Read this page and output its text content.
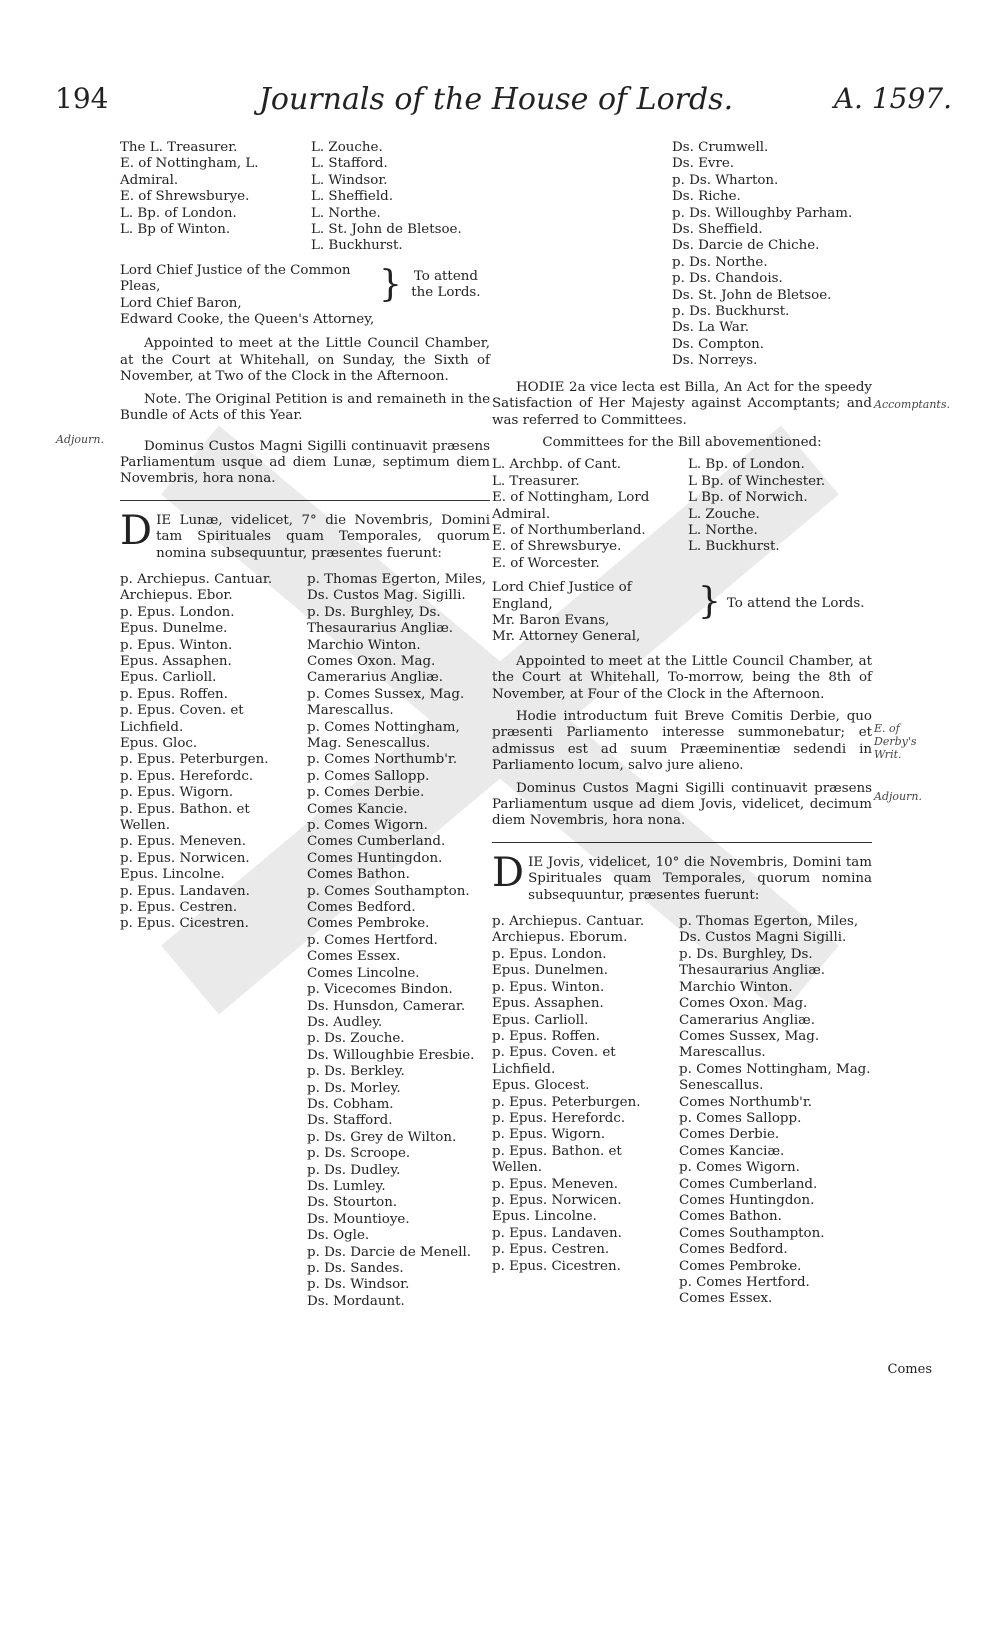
194	Journals of the House of Lords.	A. 1597.
Adjourn.
Accomptants.
E. of Derby's Writ.
Adjourn.
The L. Treasurer.
E. of Nottingham, L. Admiral.
E. of Shrewsburye.
L. Bp. of London.
L. Bp of Winton.
L. Zouche.
L. Stafford.
L. Windsor.
L. Sheffield.
L. Northe.
L. St. John de Bletsoe.
L. Buckhurst.
Lord Chief Justice of the Common Pleas,
Lord Chief Baron,
Edward Cooke, the Queen's Attorney,
	}	To attend the Lords.
Appointed to meet at the Little Council Chamber, at the Court at Whitehall, on Sunday, the Sixth of November, at Two of the Clock in the Afternoon.
Note. The Original Petition is and remaineth in the Bundle of Acts of this Year.
Dominus Custos Magni Sigilli continuavit præsens Parliamentum usque ad diem Lunæ, septimum diem Novembris, hora nona.
D IE Lunæ, videlicet, 7° die Novembris, Domini tam Spirituales quam Temporales, quorum nomina subsequuntur, præsentes fuerunt:
p. Archiepus. Cantuar.
Archiepus. Ebor.
p. Epus. London.
Epus. Dunelme.
p. Epus. Winton.
Epus. Assaphen.
Epus. Carlioll.
p. Epus. Roffen.
p. Epus. Coven. et Lichfield.
Epus. Gloc.
p. Epus. Peterburgen.
p. Epus. Herefordc.
p. Epus. Wigorn.
p. Epus. Bathon. et Wellen.
p. Epus. Meneven.
p. Epus. Norwicen.
Epus. Lincolne.
p. Epus. Landaven.
p. Epus. Cestren.
p. Epus. Cicestren.
p. Thomas Egerton, Miles, Ds. Custos Mag. Sigilli.
p. Ds. Burghley, Ds. Thesaurarius Angliæ.
Marchio Winton.
Comes Oxon. Mag. Camerarius Angliæ.
p. Comes Sussex, Mag. Marescallus.
p. Comes Nottingham, Mag. Senescallus.
p. Comes Northumb'r.
p. Comes Sallopp.
p. Comes Derbie.
Comes Kancie.
p. Comes Wigorn.
Comes Cumberland.
Comes Huntingdon.
Comes Bathon.
p. Comes Southampton.
Comes Bedford.
Comes Pembroke.
p. Comes Hertford.
Comes Essex.
Comes Lincolne.
p. Vicecomes Bindon.
Ds. Hunsdon, Camerar.
Ds. Audley.
p. Ds. Zouche.
Ds. Willoughbie Eresbie.
p. Ds. Berkley.
p. Ds. Morley.
Ds. Cobham.
Ds. Stafford.
p. Ds. Grey de Wilton.
p. Ds. Scroope.
p. Ds. Dudley.
Ds. Lumley.
Ds. Stourton.
Ds. Mountioye.
Ds. Ogle.
p. Ds. Darcie de Menell.
p. Ds. Sandes.
p. Ds. Windsor.
Ds. Mordaunt.
Ds. Crumwell.
Ds. Evre.
p. Ds. Wharton.
Ds. Riche.
p. Ds. Willoughby Parham.
Ds. Sheffield.
Ds. Darcie de Chiche.
p. Ds. Northe.
p. Ds. Chandois.
Ds. St. John de Bletsoe.
p. Ds. Buckhurst.
Ds. La War.
Ds. Compton.
Ds. Norreys.
HODIE 2a vice lecta est Billa, An Act for the speedy Satisfaction of Her Majesty against Accomptants; and was referred to Committees.
Committees for the Bill abovementioned:
L. Archbp. of Cant.
L. Treasurer.
E. of Nottingham, Lord Admiral.
E. of Northumberland.
E. of Shrewsburye.
E. of Worcester.
L. Bp. of London.
L Bp. of Winchester.
L Bp. of Norwich.
L. Zouche.
L. Northe.
L. Buckhurst.
Lord Chief Justice of England,
Mr. Baron Evans,
Mr. Attorney General,
	}	To attend the Lords.
Appointed to meet at the Little Council Chamber, at the Court at Whitehall, To-morrow, being the 8th of November, at Four of the Clock in the Afternoon.
Hodie introductum fuit Breve Comitis Derbie, quo præsenti Parliamento interesse summonebatur; et admissus est ad suum Præeminentiæ sedendi in Parliamento locum, salvo jure alieno.
Dominus Custos Magni Sigilli continuavit præsens Parliamentum usque ad diem Jovis, videlicet, decimum diem Novembris, hora nona.
D IE Jovis, videlicet, 10° die Novembris, Domini tam Spirituales quam Temporales, quorum nomina subsequuntur, præsentes fuerunt:
p. Archiepus. Cantuar.
Archiepus. Eborum.
p. Epus. London.
Epus. Dunelmen.
p. Epus. Winton.
Epus. Assaphen.
Epus. Carlioll.
p. Epus. Roffen.
p. Epus. Coven. et Lichfield.
Epus. Glocest.
p. Epus. Peterburgen.
p. Epus. Herefordc.
p. Epus. Wigorn.
p. Epus. Bathon. et Wellen.
p. Epus. Meneven.
p. Epus. Norwicen.
Epus. Lincolne.
p. Epus. Landaven.
p. Epus. Cestren.
p. Epus. Cicestren.
p. Thomas Egerton, Miles, Ds. Custos Magni Sigilli.
p. Ds. Burghley, Ds. Thesaurarius Angliæ.
Marchio Winton.
Comes Oxon. Mag. Camerarius Angliæ.
Comes Sussex, Mag. Marescallus.
p. Comes Nottingham, Mag. Senescallus.
Comes Northumb'r.
p. Comes Sallopp.
Comes Derbie.
Comes Kanciæ.
p. Comes Wigorn.
Comes Cumberland.
Comes Huntingdon.
Comes Bathon.
Comes Southampton.
Comes Bedford.
Comes Pembroke.
p. Comes Hertford.
Comes Essex.
Comes
